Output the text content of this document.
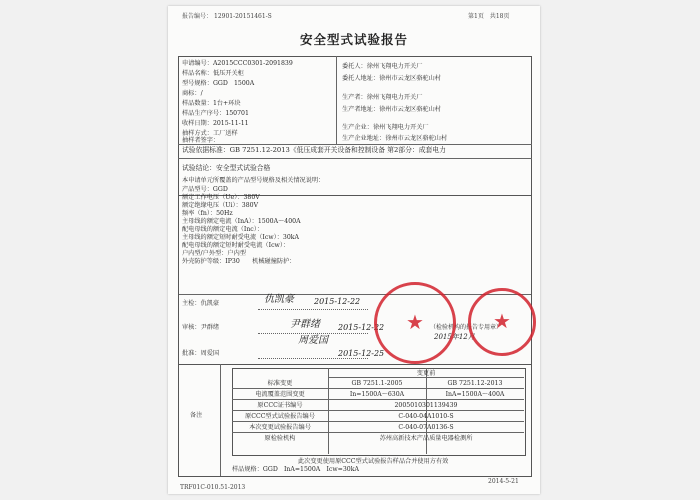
报告编号： 12901-20151461-S	第1页　共18页
安全型式试验报告
申请编号：A2015CCC0301-2091839
样品名称：低压开关柜
型号规格：GGD　1500A
商标：/
样品数量：1台+环块
样品生产序号：150701
收样日期：2015-11-11
抽样方式：工厂送样
委托人：徐州飞翔电力开关厂
委托人地址：徐州市云龙区骆驼山村
生产者：徐州飞翔电力开关厂
生产者地址：徐州市云龙区骆驼山村
生产企业：徐州飞翔电力开关厂
生产企业地址：徐州市云龙区骆驼山村
抽样者签字：
试验依据标准：GB 7251.12-2013《低压成套开关设备和控制设备 第2部分：成套电力
试验结论：安全型式试验合格
本申请单元所覆盖的产品型号规格及相关情况说明：
产品型号：GGD
额定工作电压（Ue）：380V
额定绝缘电压（Ui）：380V
频率（fn）：50Hz
主母线的额定电流（InA）：1500A～400A
配电母线的额定电流（Inc）：
主母线的额定短时耐受电流（Icw）：30kA
配电母线的额定短时耐受电流（Icw）：
户内型/户外型：户内型
外壳防护等级：IP30　　机械碰撞防护：
主检：仇凯豪	仇凯豪	2015-12-22
审核：尹群绪	尹群绪 2015-12-22
批准：周爱国
周爱国
2015-12-25
（检验机构的报告专用章）
2015年12月
★	★
备注
变更前
标准变更	GB 7251.1-2005	GB 7251.12-2013
电流覆盖范围变更	In=1500A～630A	InA=1500A～400A
原CCC证书编号	2005010301139439
原CCC型式试验报告编号	C-040-04A1010-S
本次变更试验报告编号	C-040-07A0136-S
原检验机构	苏州高新技术产品质量电器检测所
此次变更使用原CCC型式试验报告样品合并使用方有效
样品规格：GGD　InA=1500A　Icw=30kA
TRF01C-010.51-2013
2014-5-21
